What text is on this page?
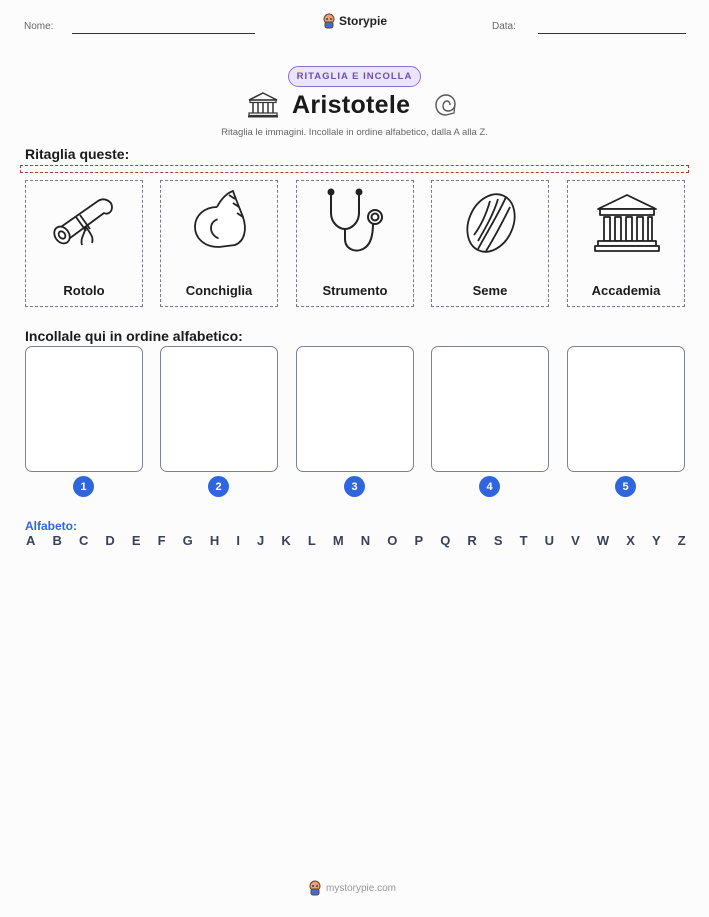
Nome:	Storypie	Data:
RITAGLIA E INCOLLA
Aristotele
Ritaglia le immagini. Incollale in ordine alfabetico, dalla A alla Z.
Ritaglia queste:
Rotolo	Conchiglia	Strumento	Seme	Accademia
Incollale qui in ordine alfabetico:
1	2	3	4	5
Alfabeto:
A B C D E F G H I J K L M N O P Q R S T U V W X Y Z
mystorypie.com
